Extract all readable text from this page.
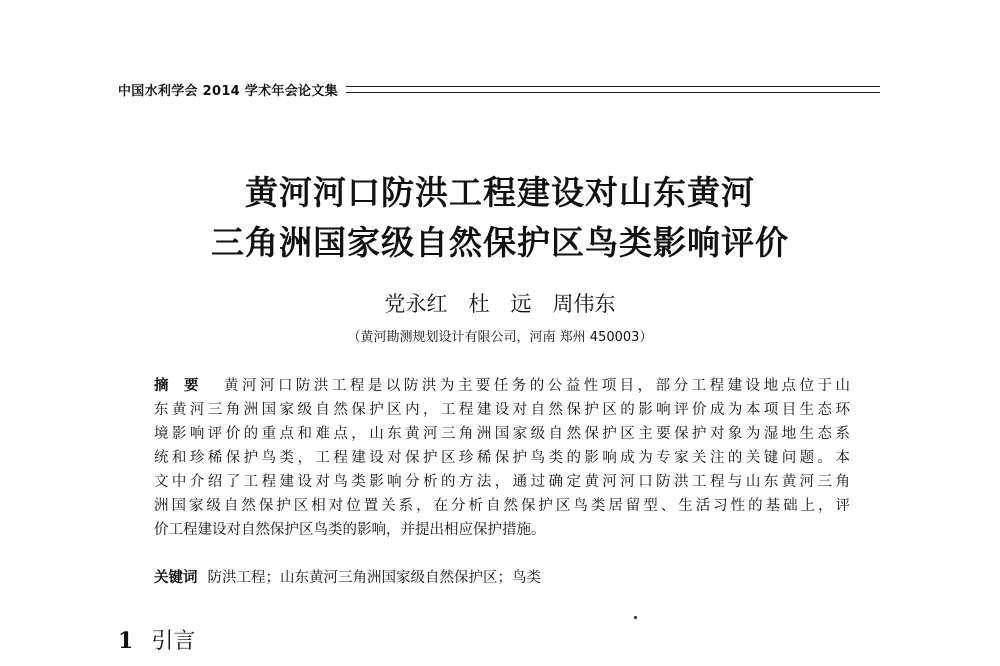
中国水利学会 2014 学术年会论文集
黄河河口防洪工程建设对山东黄河
三角洲国家级自然保护区鸟类影响评价
党永红　杜　远　周伟东
（黄河勘测规划设计有限公司，河南 郑州 450003）
摘要 黄河河口防洪工程是以防洪为主要任务的公益性项目，部分工程建设地点位于山
东黄河三角洲国家级自然保护区内，工程建设对自然保护区的影响评价成为本项目生态环
境影响评价的重点和难点，山东黄河三角洲国家级自然保护区主要保护对象为湿地生态系
统和珍稀保护鸟类，工程建设对保护区珍稀保护鸟类的影响成为专家关注的关键问题。本
文中介绍了工程建设对鸟类影响分析的方法，通过确定黄河河口防洪工程与山东黄河三角
洲国家级自然保护区相对位置关系，在分析自然保护区鸟类居留型、生活习性的基础上，评
价工程建设对自然保护区鸟类的影响，并提出相应保护措施。
关键词 防洪工程；山东黄河三角洲国家级自然保护区；鸟类
1 引言
